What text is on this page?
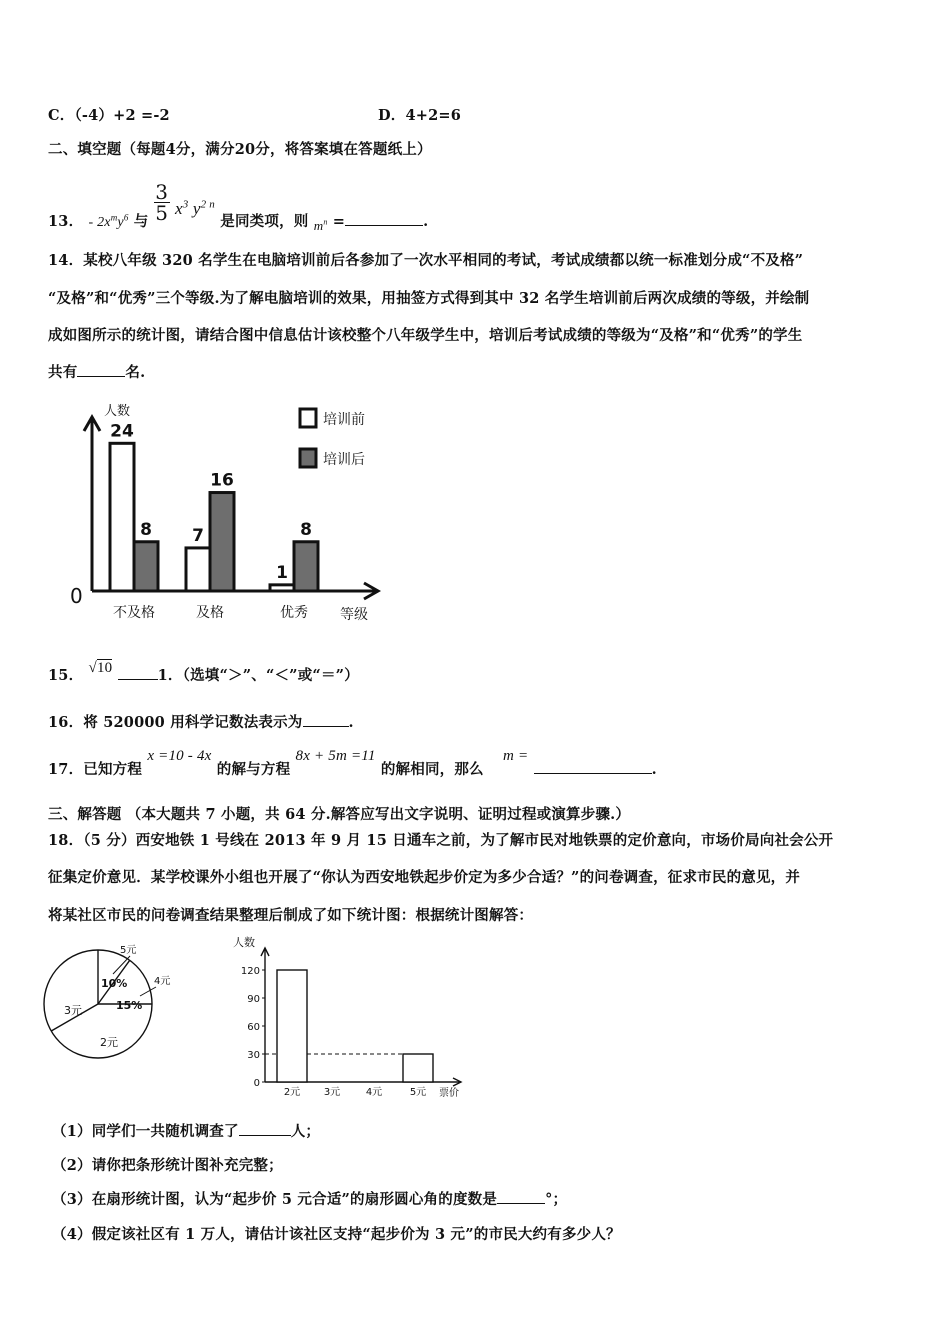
C．（-4）+2 =-2	D．4+2=6
二、填空题（每题4分，满分20分，将答案填在答题纸上）
13． - $2x^my^6$ 与 $\frac{3}{5} x^3$ $y^{2 n}$ 是同类项，则 $m^n$ =	.
14．某校八年级 320 名学生在电脑培训前后各参加了一次水平相同的考试，考试成绩都以统一标准划分成“不及格”
“及格”和“优秀”三个等级.为了解电脑培训的效果，用抽签方式得到其中 32 名学生培训前后两次成绩的等级，并绘制
成如图所示的统计图，请结合图中信息估计该校整个八年级学生中，培训后考试成绩的等级为“及格”和“优秀”的学生
共有	名.
人数
0
等级
24
8
不及格
7
16
及格
1
8
优秀
培训前
培训后
15． √10	1．（选填“＞”、“＜”或“＝”）
16．将 520000 用科学记数法表示为	.
17．已知方程 x =10 - 4x 的解与方程 8x + 5m =11 的解相同，那么 m = .
三、解答题 （本大题共 7 小题，共 64 分.解答应写出文字说明、证明过程或演算步骤.）
18．（5 分）西安地铁 1 号线在 2013 年 9 月 15 日通车之前，为了解市民对地铁票的定价意向，市场价局向社会公开
征集定价意见．某学校课外小组也开展了“你认为西安地铁起步价定为多少合适？”的问卷调查，征求市民的意见，并
将某社区市民的问卷调查结果整理后制成了如下统计图：根据统计图解答：
5元
4元
10%
15%
3元
2元
人数
票价
0
30
60
90
120
2元 3元	4元	5元
（1）同学们一共随机调查了	人；
（2）请你把条形统计图补充完整；
（3）在扇形统计图，认为“起步价 5 元合适”的扇形圆心角的度数是	°；
（4）假定该社区有 1 万人，请估计该社区支持“起步价为 3 元”的市民大约有多少人？
